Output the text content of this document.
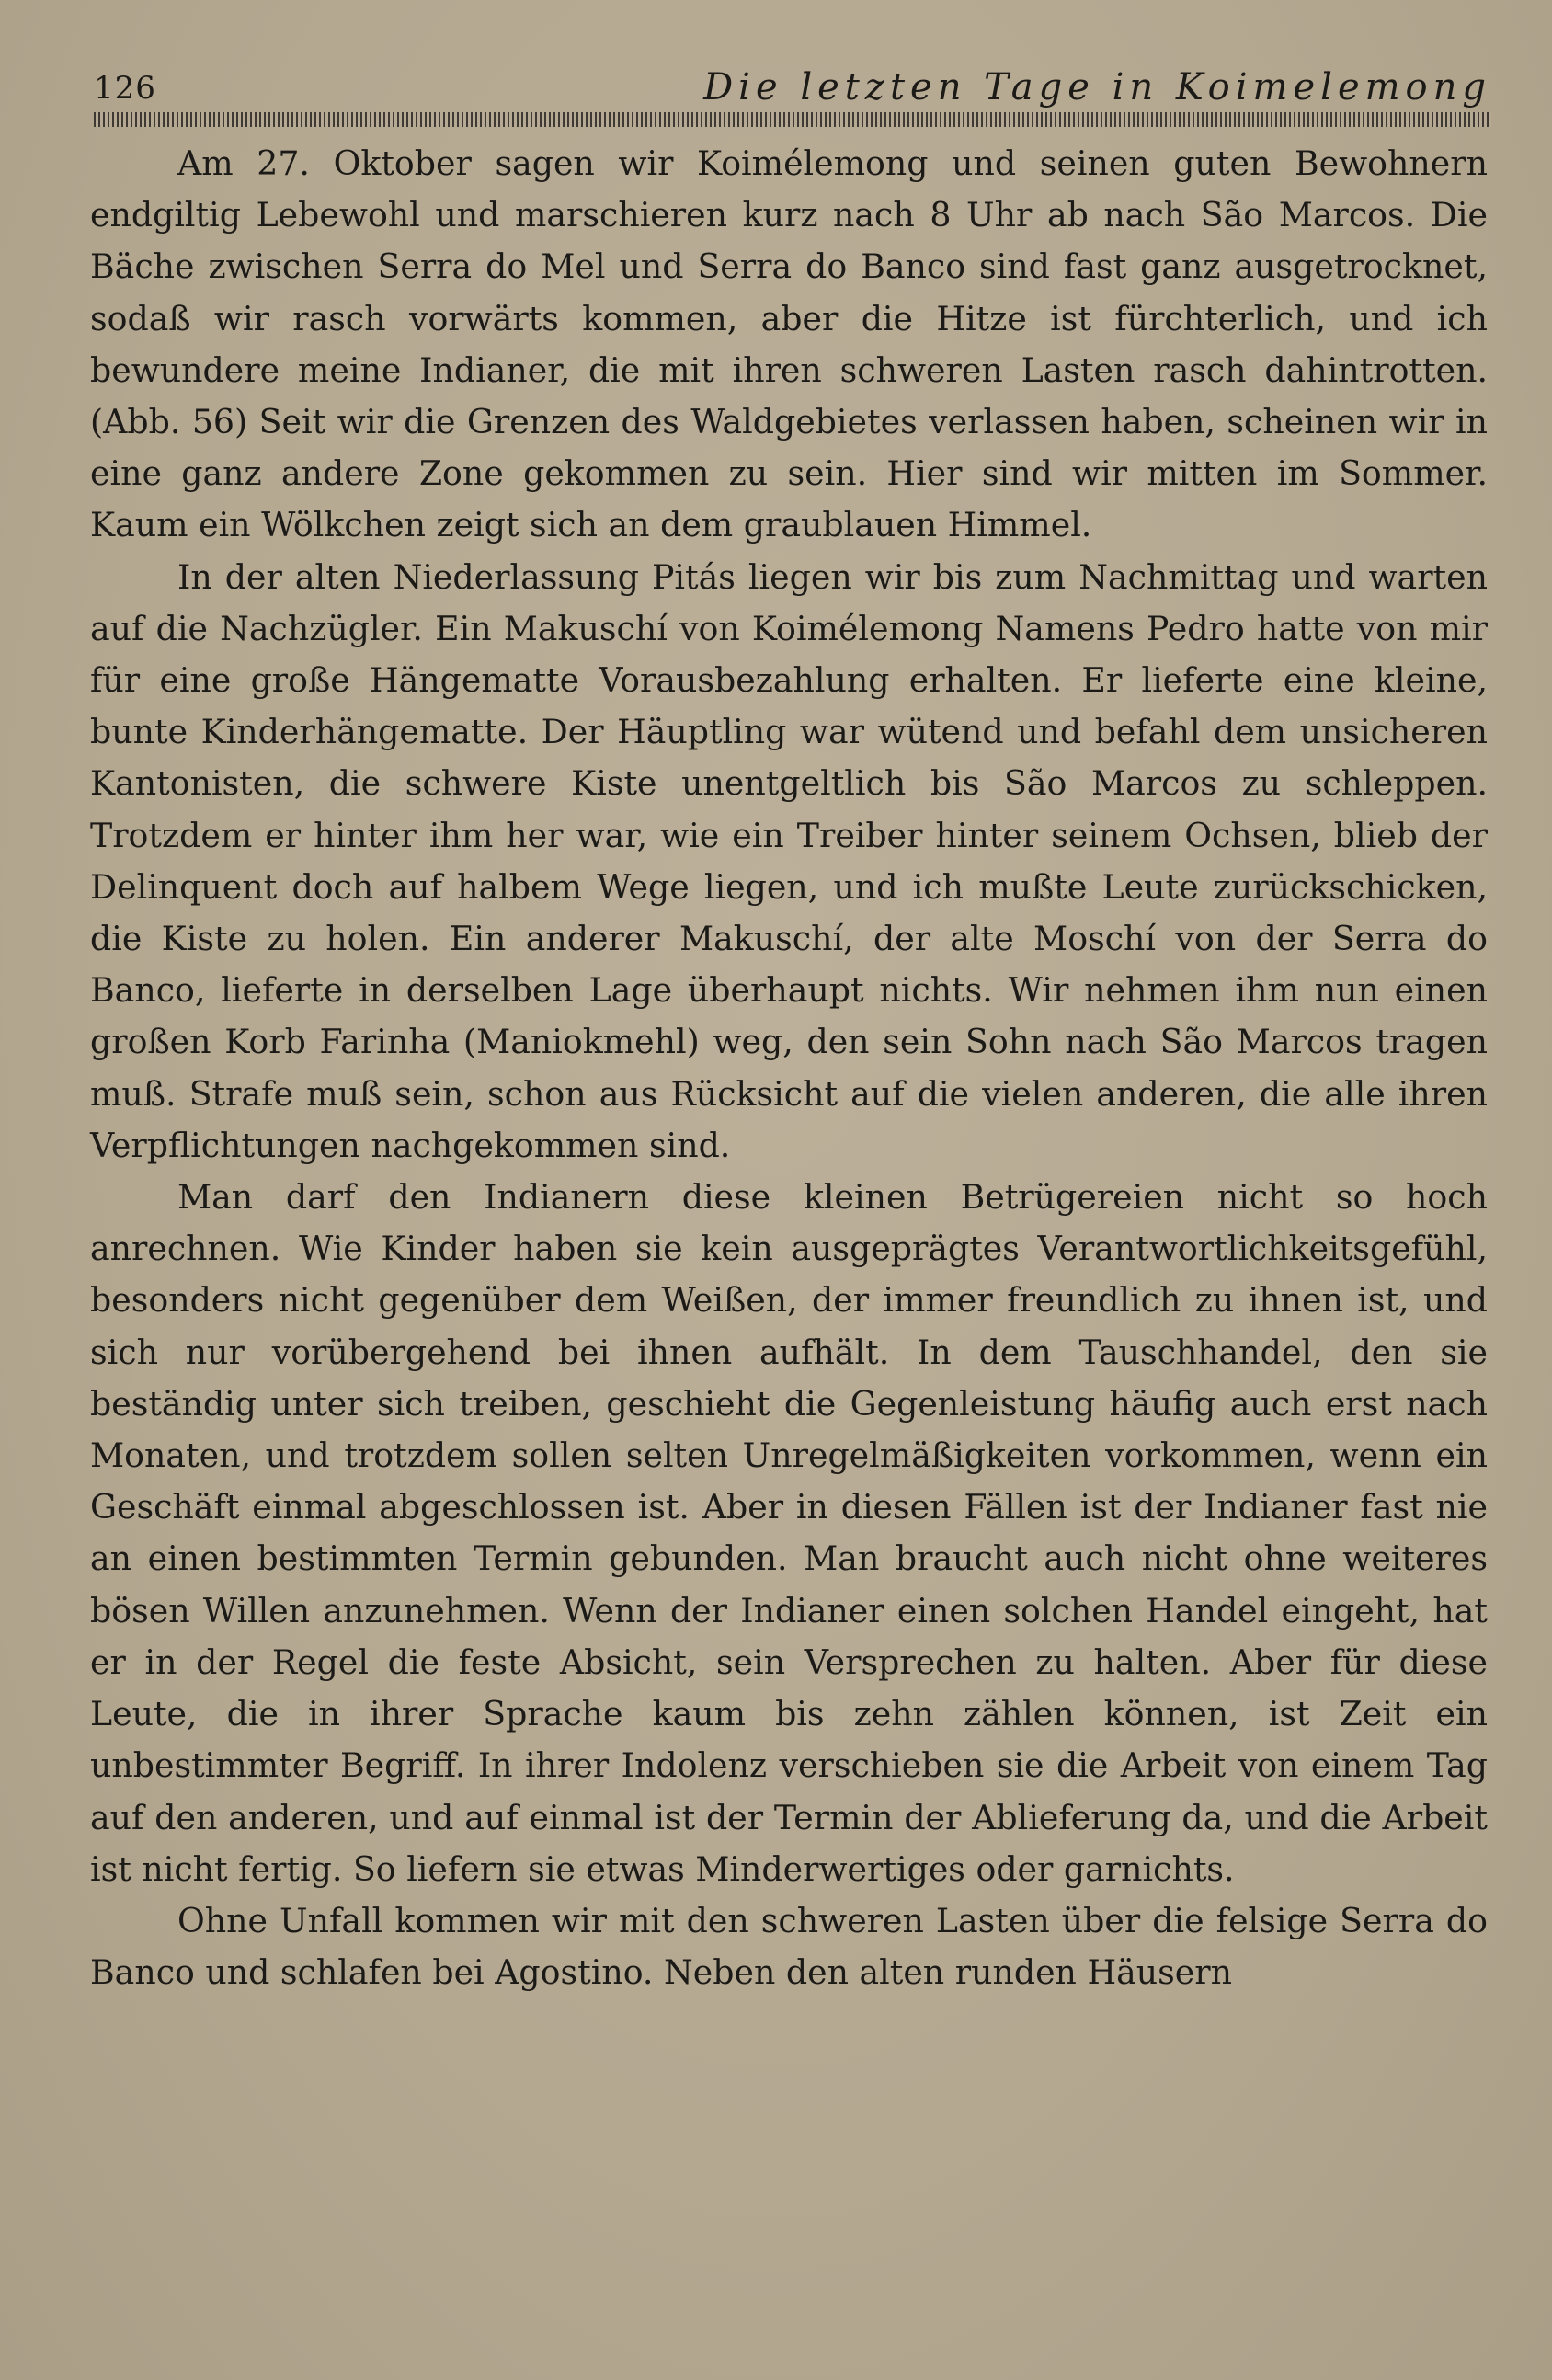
126	Die letzten Tage in Koimelemong

Am 27. Oktober sagen wir Koimélemong und seinen guten Bewohnern endgiltig Lebewohl und marschieren kurz nach 8 Uhr ab nach São Marcos. Die Bäche zwischen Serra do Mel und Serra do Banco sind fast ganz ausgetrocknet, sodaß wir rasch vorwärts kommen, aber die Hitze ist fürchterlich, und ich bewundere meine Indianer, die mit ihren schweren Lasten rasch dahintrotten. (Abb. 56) Seit wir die Grenzen des Waldgebietes verlassen haben, scheinen wir in eine ganz andere Zone gekommen zu sein. Hier sind wir mitten im Sommer. Kaum ein Wölkchen zeigt sich an dem graublauen Himmel.

In der alten Niederlassung Pitás liegen wir bis zum Nachmittag und warten auf die Nachzügler. Ein Makuschí von Koimélemong Namens Pedro hatte von mir für eine große Hängematte Vorausbezahlung erhalten. Er lieferte eine kleine, bunte Kinderhängematte. Der Häuptling war wütend und befahl dem unsicheren Kantonisten, die schwere Kiste unentgeltlich bis São Marcos zu schleppen. Trotzdem er hinter ihm her war, wie ein Treiber hinter seinem Ochsen, blieb der Delinquent doch auf halbem Wege liegen, und ich mußte Leute zurückschicken, die Kiste zu holen. Ein anderer Makuschí, der alte Moschí von der Serra do Banco, lieferte in derselben Lage überhaupt nichts. Wir nehmen ihm nun einen großen Korb Farinha (Maniokmehl) weg, den sein Sohn nach São Marcos tragen muß. Strafe muß sein, schon aus Rücksicht auf die vielen anderen, die alle ihren Verpflichtungen nachgekommen sind.

Man darf den Indianern diese kleinen Betrügereien nicht so hoch anrechnen. Wie Kinder haben sie kein ausgeprägtes Verantwortlichkeitsgefühl, besonders nicht gegenüber dem Weißen, der immer freundlich zu ihnen ist, und sich nur vorübergehend bei ihnen aufhält. In dem Tauschhandel, den sie beständig unter sich treiben, geschieht die Gegenleistung häufig auch erst nach Monaten, und trotzdem sollen selten Unregelmäßigkeiten vorkommen, wenn ein Geschäft einmal abgeschlossen ist. Aber in diesen Fällen ist der Indianer fast nie an einen bestimmten Termin gebunden. Man braucht auch nicht ohne weiteres bösen Willen anzunehmen. Wenn der Indianer einen solchen Handel eingeht, hat er in der Regel die feste Absicht, sein Versprechen zu halten. Aber für diese Leute, die in ihrer Sprache kaum bis zehn zählen können, ist Zeit ein unbestimmter Begriff. In ihrer Indolenz verschieben sie die Arbeit von einem Tag auf den anderen, und auf einmal ist der Termin der Ablieferung da, und die Arbeit ist nicht fertig. So liefern sie etwas Minderwertiges oder garnichts.

Ohne Unfall kommen wir mit den schweren Lasten über die felsige Serra do Banco und schlafen bei Agostino. Neben den alten runden Häusern
